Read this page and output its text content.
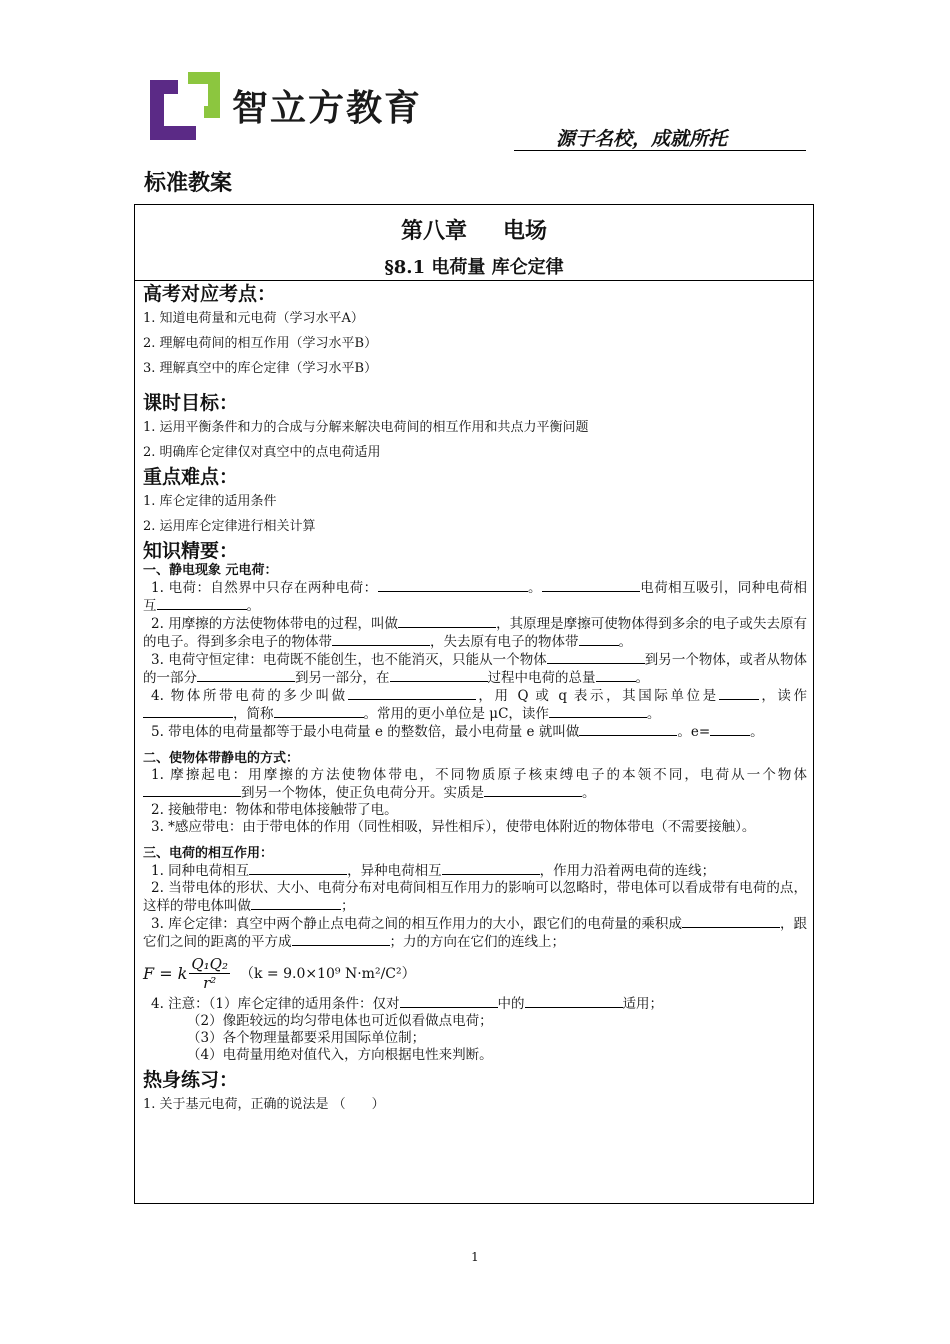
智立方教育
源于名校，成就所托
标准教案
第八章 电场
§8.1 电荷量 库仑定律
高考对应考点：
1. 知道电荷量和元电荷（学习水平A）
2. 理解电荷间的相互作用（学习水平B）
3. 理解真空中的库仑定律（学习水平B）
课时目标：
1. 运用平衡条件和力的合成与分解来解决电荷间的相互作用和共点力平衡问题
2. 明确库仑定律仅对真空中的点电荷适用
重点难点：
1. 库仑定律的适用条件
2. 运用库仑定律进行相关计算
知识精要：
一、静电现象 元电荷：
1. 电荷：自然界中只存在两种电荷：	。	电荷相互吸引，同种电荷相互	。
2. 用摩擦的方法使物体带电的过程，叫做	，其原理是摩擦可使物体得到多余的电子或失去原有的电子。得到多余电子的物体带	，失去原有电子的物体带	。
3. 电荷守恒定律：电荷既不能创生，也不能消灭，只能从一个物体	到另一个物体，或者从物体的一部分	到另一部分，在	过程中电荷的总量	。
4. 物体所带电荷的多少叫做	，用 Q 或 q 表示，其国际单位是	，读作，简称	。常用的更小单位是 μC，读作	。
5. 带电体的电荷量都等于最小电荷量 e 的整数倍，最小电荷量 e 就叫做	。e=	。
二、使物体带静电的方式：
1. 摩擦起电：用摩擦的方法使物体带电，不同物质原子核束缚电子的本领不同，电荷从一个物体到另一个物体，使正负电荷分开。实质是	。
2. 接触带电：物体和带电体接触带了电。
3. *感应带电：由于带电体的作用（同性相吸，异性相斥），使带电体附近的物体带电（不需要接触）。
三、电荷的相互作用：
1. 同种电荷相互	，异种电荷相互	，作用力沿着两电荷的连线；
2. 当带电体的形状、大小、电荷分布对电荷间相互作用力的影响可以忽略时，带电体可以看成带有电荷的点，这样的带电体叫做	；
3. 库仑定律：真空中两个静止点电荷之间的相互作用力的大小，跟它们的电荷量的乘积成	，跟它们之间的距离的平方成	；力的方向在它们的连线上；
F = k $\frac{\text{Q₁Q₂}}{\text{r²}} (k = 9.0\times 10^9$ N·m²/C²）
4. 注意：（1）库仑定律的适用条件：仅对	中的	适用；
（2）像距较远的均匀带电体也可近似看做点电荷；
（3）各个物理量都要采用国际单位制；
（4）电荷量用绝对值代入，方向根据电性来判断。
热身练习：
1. 关于基元电荷，正确的说法是 （　　）
1
